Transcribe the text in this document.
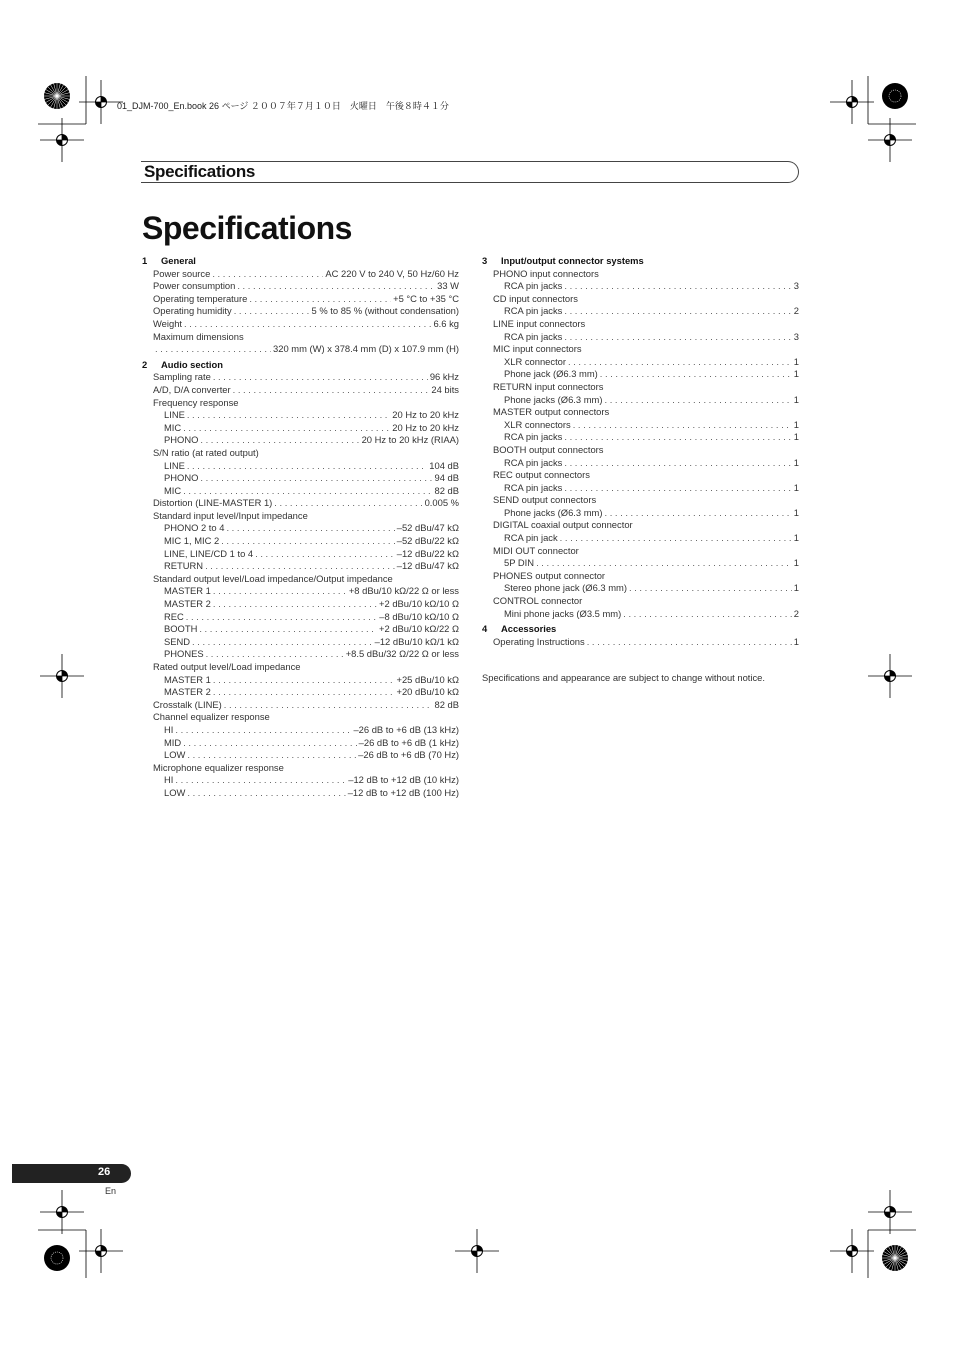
01_DJM-700_En.book 26 ページ ２００７年７月１０日　火曜日　午後８時４１分
Specifications
Specifications
1 General
Power source . . .	AC 220 V to 240 V, 50 Hz/60 Hz
Power consumption . . .	33 W
Operating temperature . . .	+5 °C to +35 °C
Operating humidity . . .	5 % to 85 % (without condensation)
Weight . . .	6.6 kg
Maximum dimensions
. . .
320 mm (W) x 378.4 mm (D) x 107.9 mm (H)
2 Audio section
Sampling rate . . .	96 kHz
A/D, D/A converter . . .	24 bits
Frequency response
LINE . . .	20 Hz to 20 kHz
MIC . . .	20 Hz to 20 kHz
PHONO . . .	20 Hz to 20 kHz (RIAA)
S/N ratio (at rated output)
LINE . . .	104 dB
PHONO . . .	94 dB
MIC . . .	82 dB
Distortion (LINE-MASTER 1) . . .	0.005 %
Standard input level/Input impedance
PHONO 2 to 4 . . .	–52 dBu/47 kΩ
MIC 1, MIC 2 . . .	–52 dBu/22 kΩ
LINE, LINE/CD 1 to 4 . . .	–12 dBu/22 kΩ
RETURN . . .	–12 dBu/47 kΩ
Standard output level/Load impedance/Output impedance
MASTER 1 . . .	+8 dBu/10 kΩ/22 Ω or less
MASTER 2 . . .	+2 dBu/10 kΩ/10 Ω
REC . . .	–8 dBu/10 kΩ/10 Ω
BOOTH . . .	+2 dBu/10 kΩ/22 Ω
SEND . . .	–12 dBu/10 kΩ/1 kΩ
PHONES . . .	+8.5 dBu/32 Ω/22 Ω or less
Rated output level/Load impedance
MASTER 1 . . .	+25 dBu/10 kΩ
MASTER 2 . . .	+20 dBu/10 kΩ
Crosstalk (LINE) . . .	82 dB
Channel equalizer response
HI . . .	–26 dB to +6 dB (13 kHz)
MID . . .	–26 dB to +6 dB (1 kHz)
LOW . . .	–26 dB to +6 dB (70 Hz)
Microphone equalizer response
HI . . .	–12 dB to +12 dB (10 kHz)
LOW . . .	–12 dB to +12 dB (100 Hz)
3 Input/output connector systems
PHONO input connectors
RCA pin jacks . . .	3
CD input connectors
RCA pin jacks . . .	2
LINE input connectors
RCA pin jacks . . .	3
MIC input connectors
XLR connector . . .	1
Phone jack (Ø6.3 mm) . . .	1
RETURN input connectors
Phone jacks (Ø6.3 mm) . . .	1
MASTER output connectors
XLR connectors . . .	1
RCA pin jacks . . .	1
BOOTH output connectors
RCA pin jacks . . .	1
REC output connectors
RCA pin jacks . . .	1
SEND output connectors
Phone jacks (Ø6.3 mm) . . .	1
DIGITAL coaxial output connector
RCA pin jack . . .	1
MIDI OUT connector
5P DIN . . .	1
PHONES output connector
Stereo phone jack (Ø6.3 mm) . . .	1
CONTROL connector
Mini phone jacks (Ø3.5 mm) . . .	2
4 Accessories
Operating Instructions . . .	1
Specifications and appearance are subject to change without notice.
26
En
